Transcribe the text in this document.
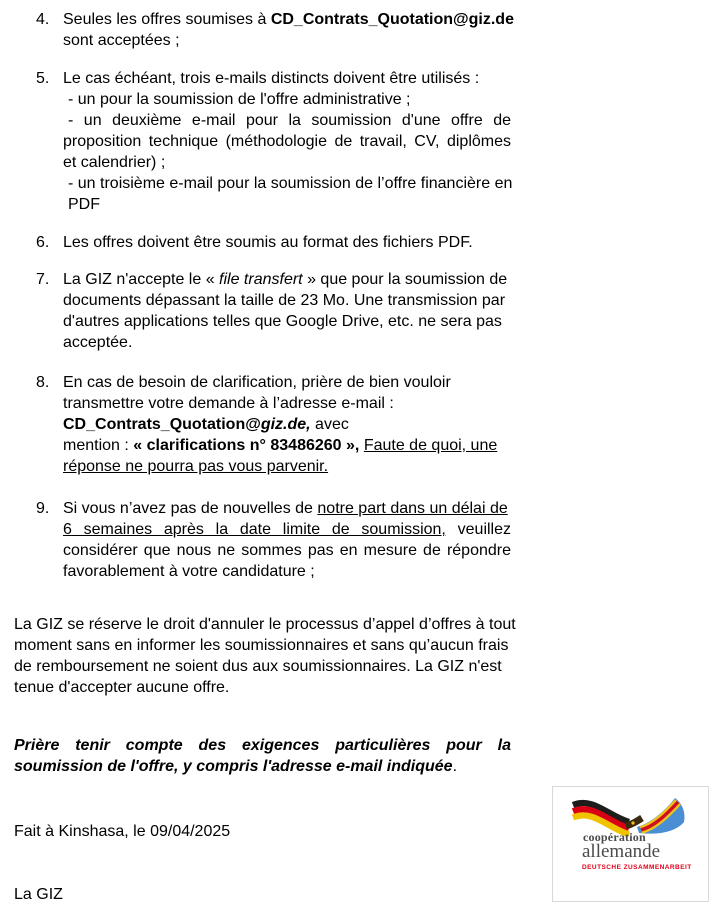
4. Seules les offres soumises à CD_Contrats_Quotation@giz.de
sont acceptées ;
5. Le cas échéant, trois e-mails distincts doivent être utilisés :
- un pour la soumission de l'offre administrative ;
- un deuxième e-mail pour la soumission d'une offre de
proposition technique (méthodologie de travail, CV, diplômes
et calendrier) ;
- un troisième e-mail pour la soumission de l’offre financière en
PDF
6. Les offres doivent être soumis au format des fichiers PDF.
7. La GIZ n'accepte le « file transfert » que pour la soumission de
documents dépassant la taille de 23 Mo. Une transmission par
d'autres applications telles que Google Drive, etc. ne sera pas
acceptée.
8. En cas de besoin de clarification, prière de bien vouloir
transmettre votre demande à l’adresse e-mail :
CD_Contrats_Quotation@giz.de, avec
mention : « clarifications n° 83486260 », Faute de quoi, une
réponse ne pourra pas vous parvenir.
9. Si vous n’avez pas de nouvelles de notre part dans un délai de
6 semaines après la date limite de soumission, veuillez
considérer que nous ne sommes pas en mesure de répondre
favorablement à votre candidature ;
La GIZ se réserve le droit d'annuler le processus d’appel d’offres à tout
moment sans en informer les soumissionnaires et sans qu’aucun frais
de remboursement ne soient dus aux soumissionnaires. La GIZ n'est
tenue d'accepter aucune offre.
Prière tenir compte des exigences particulières pour la
soumission de l'offre, y compris l'adresse e-mail indiquée.
Fait à Kinshasa, le 09/04/2025
La GIZ
coopération
allemande
DEUTSCHE ZUSAMMENARBEIT
